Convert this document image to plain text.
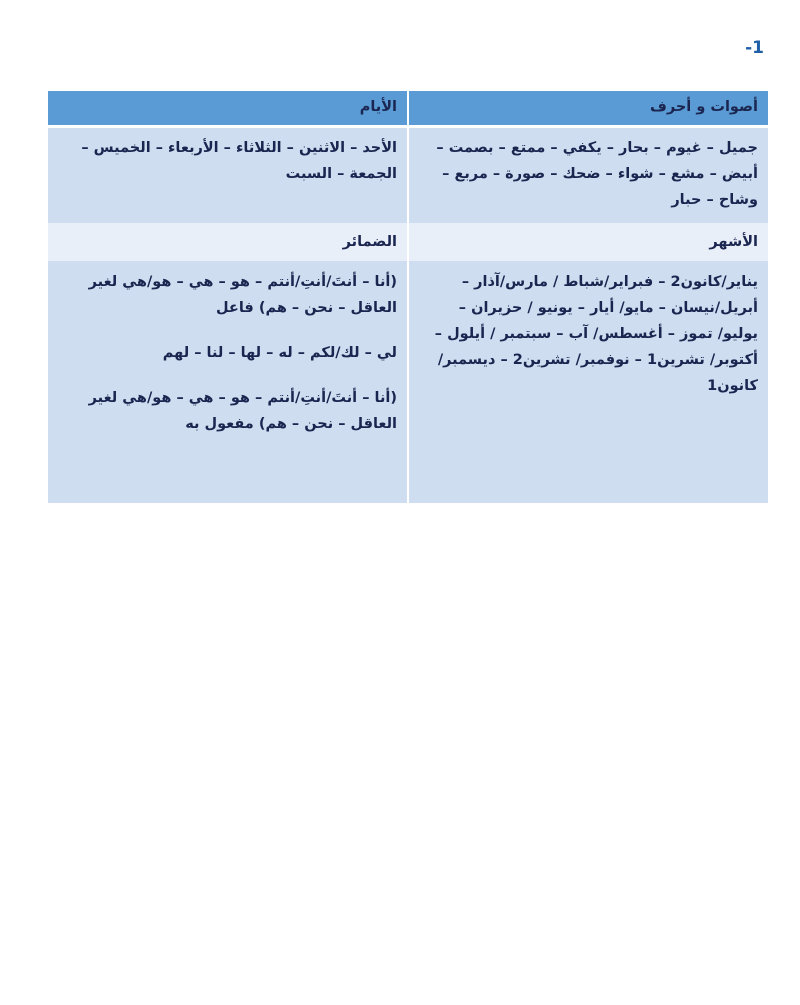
-1
أصوات و أحرف	الأيام
جميل – غيوم – بحار – يكفي – ممتع – بصمت – أبيض – مشع – شواء – ضحك – صورة – مربع – وشاح – حبار	الأحد – الاثنين – الثلاثاء – الأربعاء – الخميس – الجمعة – السبت
الأشهر	الضمائر
يناير/كانون2 – فبراير/شباط / مارس/آذار – أبريل/نيسان – مايو/ أيار – يونيو / حزيران – يوليو/ تموز – أغسطس/ آب – سبتمبر / أيلول – أكتوبر/ تشرين1 – نوفمبر/ تشرين2 – ديسمبر/ كانون1	(أنا – أنتَ/أنتِ/أنتم – هو – هي – هو/هي لغير العاقل – نحن – هم) فاعل
لي – لك/لكم – له – لها – لنا – لهم
(أنا – أنتَ/أنتِ/أنتم – هو – هي – هو/هي لغير العاقل – نحن – هم) مفعول به
